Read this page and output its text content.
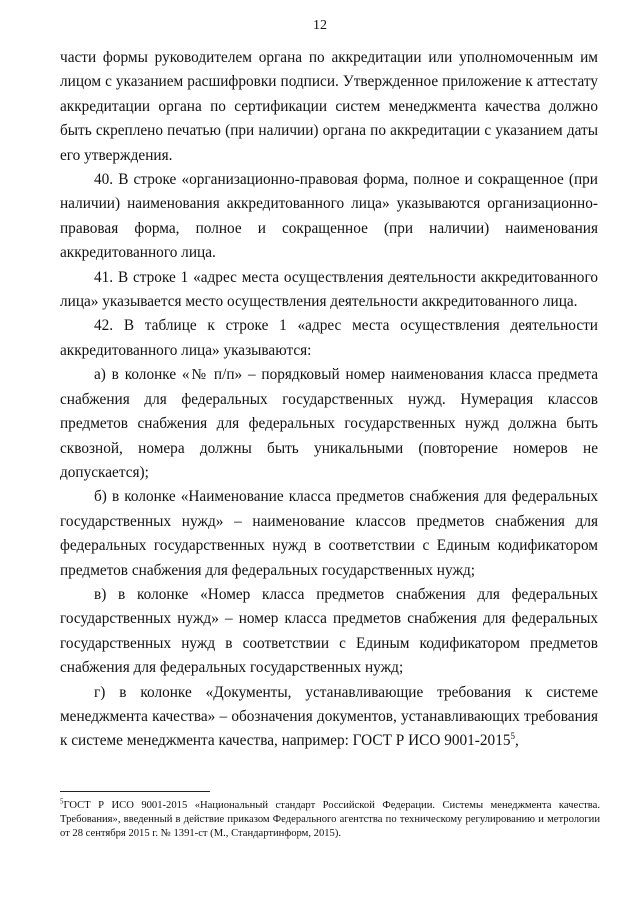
12

части формы руководителем органа по аккредитации или уполномоченным им лицом с указанием расшифровки подписи. Утвержденное приложение к аттестату аккредитации органа по сертификации систем менеджмента качества должно быть скреплено печатью (при наличии) органа по аккредитации с указанием даты его утверждения.

40. В строке «организационно-правовая форма, полное и сокращенное (при наличии) наименования аккредитованного лица» указываются организационно-правовая форма, полное и сокращенное (при наличии) наименования аккредитованного лица.

41. В строке 1 «адрес места осуществления деятельности аккредитованного лица» указывается место осуществления деятельности аккредитованного лица.

42. В таблице к строке 1 «адрес места осуществления деятельности аккредитованного лица» указываются:

а) в колонке «№ п/п» – порядковый номер наименования класса предмета снабжения для федеральных государственных нужд. Нумерация классов предметов снабжения для федеральных государственных нужд должна быть сквозной, номера должны быть уникальными (повторение номеров не допускается);

б) в колонке «Наименование класса предметов снабжения для федеральных государственных нужд» – наименование классов предметов снабжения для федеральных государственных нужд в соответствии с Единым кодификатором предметов снабжения для федеральных государственных нужд;

в) в колонке «Номер класса предметов снабжения для федеральных государственных нужд» – номер класса предметов снабжения для федеральных государственных нужд в соответствии с Единым кодификатором предметов снабжения для федеральных государственных нужд;

г) в колонке «Документы, устанавливающие требования к системе менеджмента качества» – обозначения документов, устанавливающих требования к системе менеджмента качества, например: ГОСТ Р ИСО 9001-2015$^5$,

$^5$ГОСТ Р ИСО 9001-2015 «Национальный стандарт Российской Федерации. Системы менеджмента качества. Требования», введенный в действие приказом Федерального агентства по техническому регулированию и метрологии от 28 сентября 2015 г. № 1391-ст (М., Стандартинформ, 2015).
